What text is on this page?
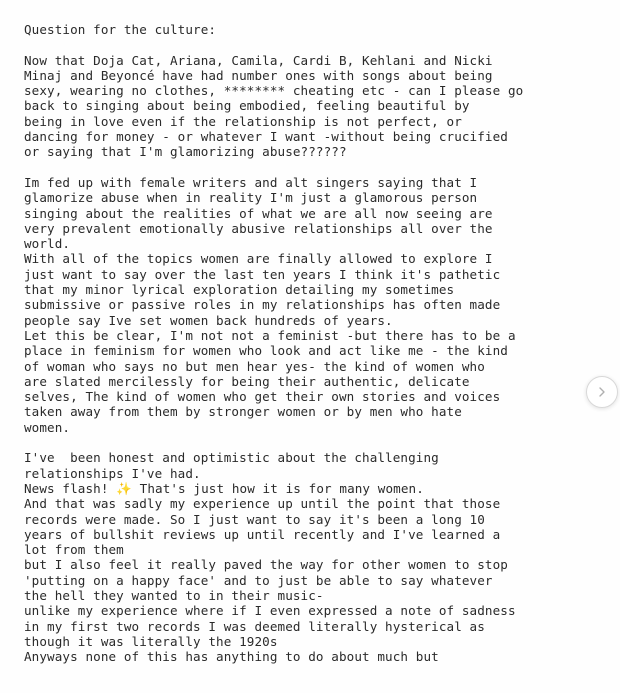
Question for the culture:
Now that Doja Cat, Ariana, Camila, Cardi B, Kehlani and Nicki
Minaj and Beyoncé have had number ones with songs about being
sexy, wearing no clothes, ******** cheating etc - can I please go
back to singing about being embodied, feeling beautiful by
being in love even if the relationship is not perfect, or
dancing for money - or whatever I want -without being crucified
or saying that I'm glamorizing abuse??????
Im fed up with female writers and alt singers saying that I
glamorize abuse when in reality I'm just a glamorous person
singing about the realities of what we are all now seeing are
very prevalent emotionally abusive relationships all over the
world.
With all of the topics women are finally allowed to explore I
just want to say over the last ten years I think it's pathetic
that my minor lyrical exploration detailing my sometimes
submissive or passive roles in my relationships has often made
people say Ive set women back hundreds of years.
Let this be clear, I'm not not a feminist -but there has to be a
place in feminism for women who look and act like me - the kind
of woman who says no but men hear yes- the kind of women who
are slated mercilessly for being their authentic, delicate
selves, The kind of women who get their own stories and voices
taken away from them by stronger women or by men who hate
women.
I've  been honest and optimistic about the challenging
relationships I've had.
News flash! ✨ That's just how it is for many women.
And that was sadly my experience up until the point that those
records were made. So I just want to say it's been a long 10
years of bullshit reviews up until recently and I've learned a
lot from them
but I also feel it really paved the way for other women to stop
'putting on a happy face' and to just be able to say whatever
the hell they wanted to in their music-
unlike my experience where if I even expressed a note of sadness
in my first two records I was deemed literally hysterical as
though it was literally the 1920s
Anyways none of this has anything to do about much but
